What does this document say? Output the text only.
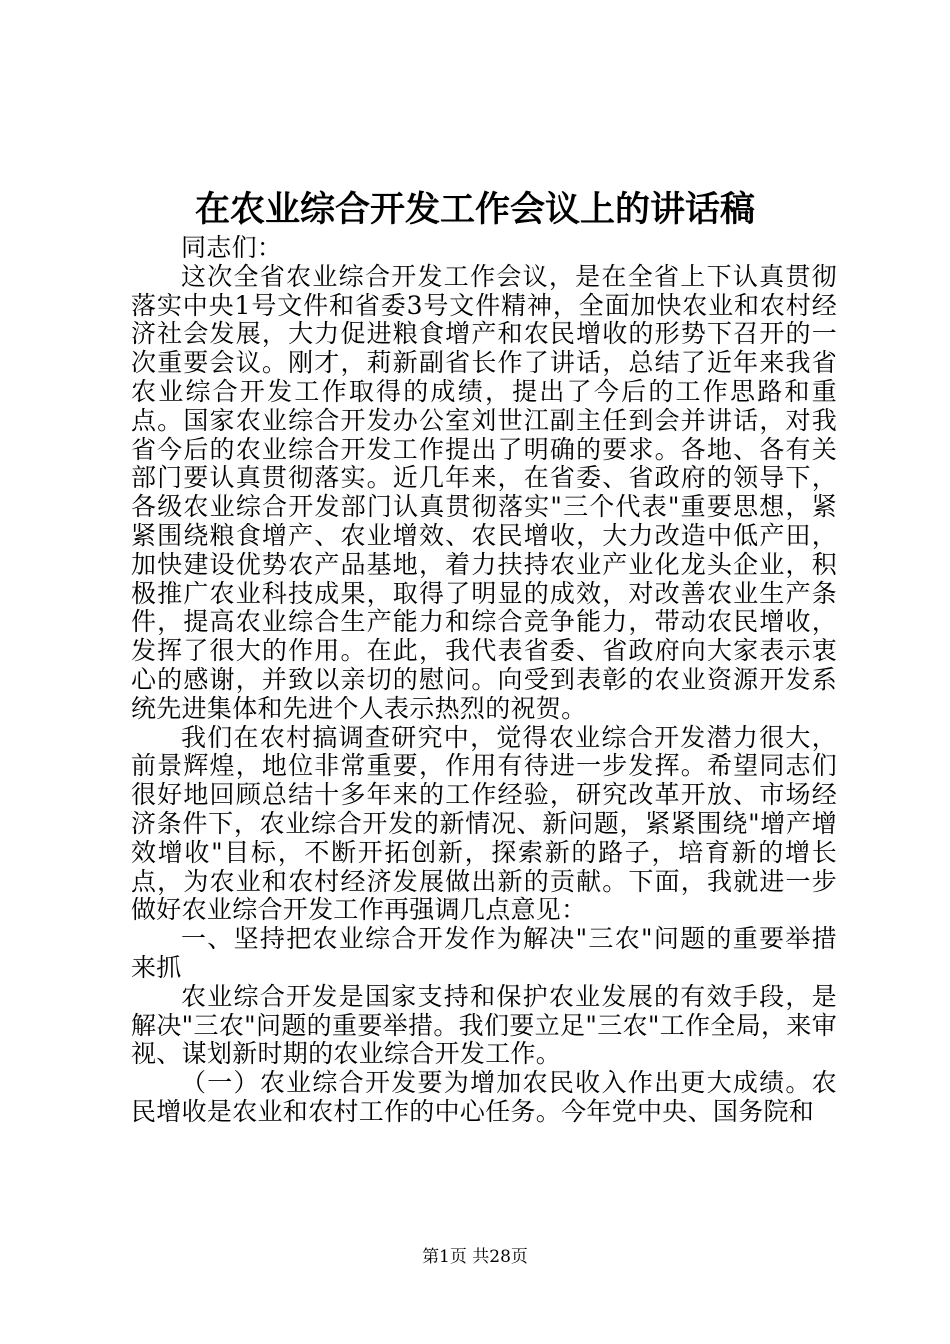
在农业综合开发工作会议上的讲话稿

同志们：

这次全省农业综合开发工作会议，是在全省上下认真贯彻落实中央1号文件和省委3号文件精神，全面加快农业和农村经济社会发展，大力促进粮食增产和农民增收的形势下召开的一次重要会议。刚才，莉新副省长作了讲话，总结了近年来我省农业综合开发工作取得的成绩，提出了今后的工作思路和重点。国家农业综合开发办公室刘世江副主任到会并讲话，对我省今后的农业综合开发工作提出了明确的要求。各地、各有关部门要认真贯彻落实。近几年来，在省委、省政府的领导下，各级农业综合开发部门认真贯彻落实"三个代表"重要思想，紧紧围绕粮食增产、农业增效、农民增收，大力改造中低产田，加快建设优势农产品基地，着力扶持农业产业化龙头企业，积极推广农业科技成果，取得了明显的成效，对改善农业生产条件，提高农业综合生产能力和综合竞争能力，带动农民增收，发挥了很大的作用。在此，我代表省委、省政府向大家表示衷心的感谢，并致以亲切的慰问。向受到表彰的农业资源开发系统先进集体和先进个人表示热烈的祝贺。

我们在农村搞调查研究中，觉得农业综合开发潜力很大，前景辉煌，地位非常重要，作用有待进一步发挥。希望同志们很好地回顾总结十多年来的工作经验，研究改革开放、市场经济条件下，农业综合开发的新情况、新问题，紧紧围绕"增产增效增收"目标，不断开拓创新，探索新的路子，培育新的增长点，为农业和农村经济发展做出新的贡献。下面，我就进一步做好农业综合开发工作再强调几点意见：

一、坚持把农业综合开发作为解决"三农"问题的重要举措来抓

农业综合开发是国家支持和保护农业发展的有效手段，是解决"三农"问题的重要举措。我们要立足"三农"工作全局，来审视、谋划新时期的农业综合开发工作。

（一）农业综合开发要为增加农民收入作出更大成绩。农民增收是农业和农村工作的中心任务。今年党中央、国务院和

第1页 共28页
